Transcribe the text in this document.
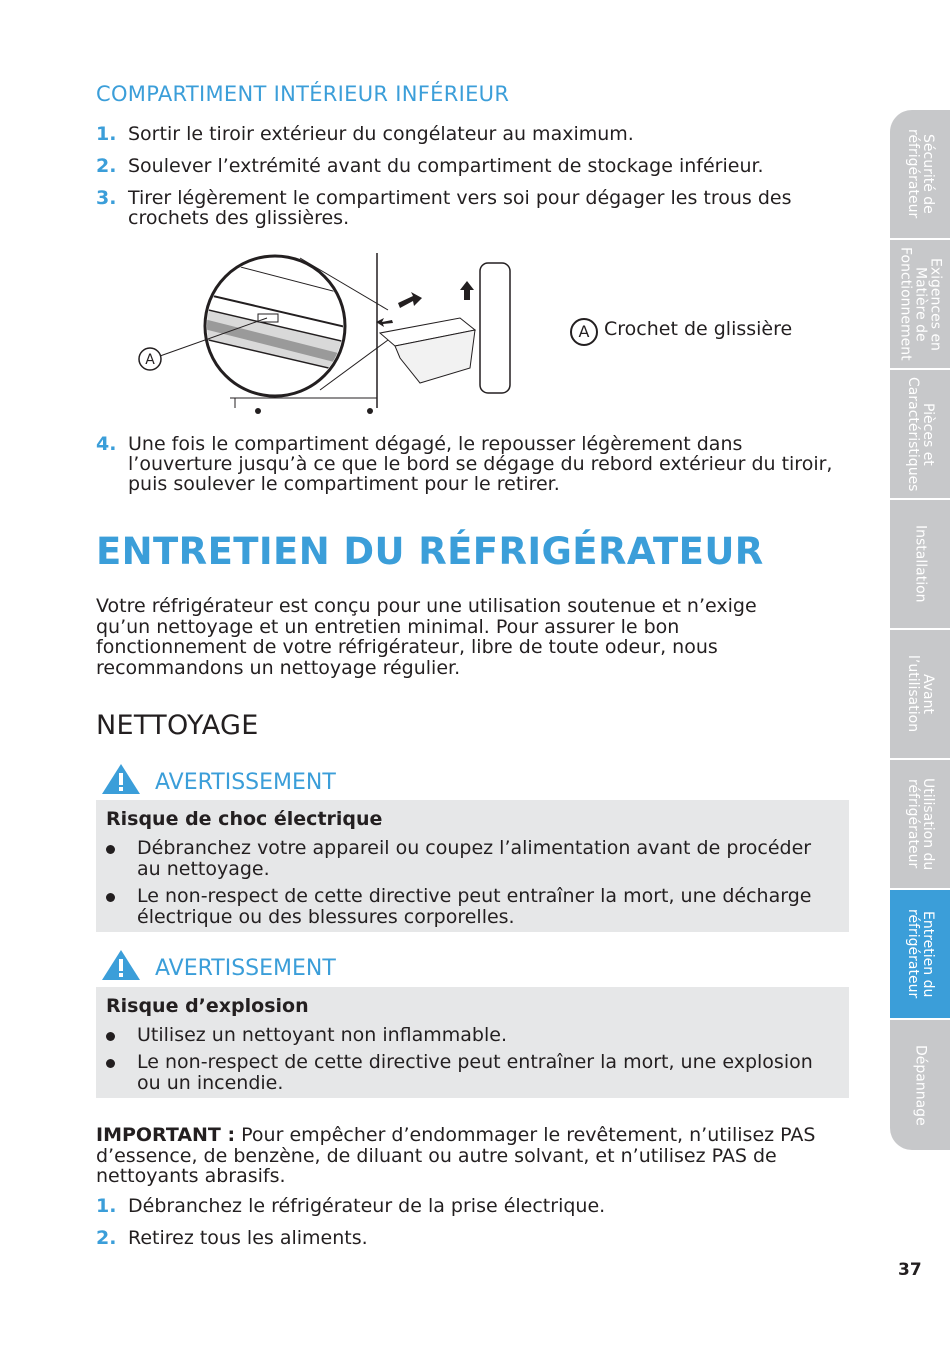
COMPARTIMENT INTÉRIEUR INFÉRIEUR
1. Sortir le tiroir extérieur du congélateur au maximum.
2. Soulever l’extrémité avant du compartiment de stockage inférieur.
3. Tirer légèrement le compartiment vers soi pour dégager les trous des crochets des glissières.
A
A Crochet de glissière
4. Une fois le compartiment dégagé, le repousser légèrement dans l’ouverture jusqu’à ce que le bord se dégage du rebord extérieur du tiroir, puis soulever le compartiment pour le retirer.
ENTRETIEN DU RÉFRIGÉRATEUR

Votre réfrigérateur est conçu pour une utilisation soutenue et n’exige qu’un nettoyage et un entretien minimal. Pour assurer le bon fonctionnement de votre réfrigérateur, libre de toute odeur, nous recommandons un nettoyage régulier.

NETTOYAGE
AVERTISSEMENT
Risque de choc électrique
Débranchez votre appareil ou coupez l’alimentation avant de procéder au nettoyage.
Le non-respect de cette directive peut entraîner la mort, une décharge électrique ou des blessures corporelles.
AVERTISSEMENT
Risque d’explosion
Utilisez un nettoyant non inflammable.
Le non-respect de cette directive peut entraîner la mort, une explosion ou un incendie.

IMPORTANT : Pour empêcher d’endommager le revêtement, n’utilisez PAS d’essence, de benzène, de diluant ou autre solvant, et n’utilisez PAS de nettoyants abrasifs.

1. Débranchez le réfrigérateur de la prise électrique.
2. Retirez tous les aliments.
Sécurité de
réfrigérateur
Exigences en
Matière de
Fonctionnement
Pièces et
Caractéristiques
Installation
Avant
l’utilisation
Utilisation du
réfrigérateur
Entretien du
réfrigérateur
Dépannage
37
